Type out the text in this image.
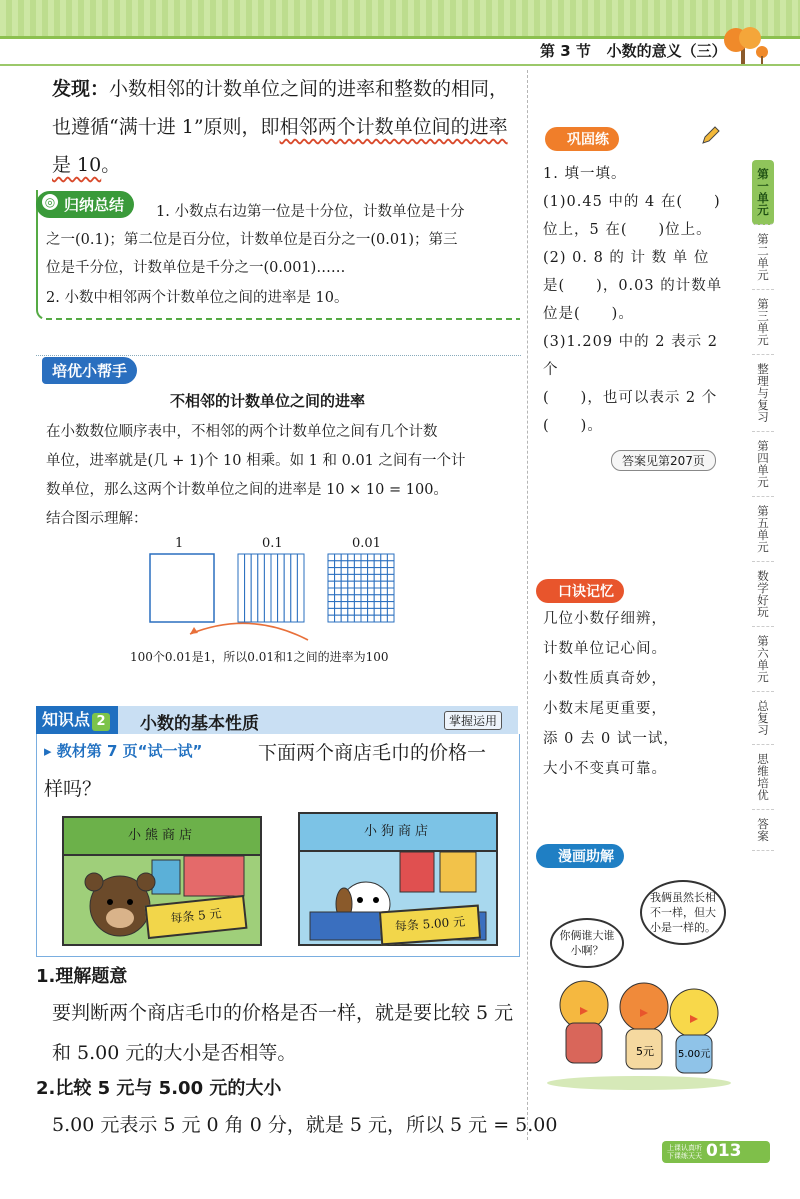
第 3 节 小数的意义（三）
发现：小数相邻的计数单位之间的进率和整数的相同，
也遵循“满十进 1”原则，即相邻两个计数单位间的进率
是 10。
◎ 归纳总结	1. 小数点右边第一位是十分位，计数单位是十分
之一(0.1)；第二位是百分位，计数单位是百分之一(0.01)；第三
位是千分位，计数单位是千分之一(0.001)……
2. 小数中相邻两个计数单位之间的进率是 10。
培优小帮手
不相邻的计数单位之间的进率
在小数数位顺序表中，不相邻的两个计数单位之间有几个计数
单位，进率就是(几 + 1)个 10 相乘。如 1 和 0.01 之间有一个计
数单位，那么这两个计数单位之间的进率是 10 × 10 = 100。
结合图示理解：
1	0.1	0.01
100个0.01是1，所以0.01和1之间的进率为100
知识点 2	小数的基本性质	掌握运用
▸ 教材第 7 页“试一试”	下面两个商店毛巾的价格一
样吗？
小熊商店
每条 5 元
小狗商店
每条 5.00 元
1.理解题意
要判断两个商店毛巾的价格是否一样，就是要比较 5 元
和 5.00 元的大小是否相等。
2.比较 5 元与 5.00 元的大小
5.00 元表示 5 元 0 角 0 分，就是 5 元，所以 5 元 = 5.00
巩固练
1. 填一填。
(1)0.45 中的 4 在(　　)
位上，5 在(　　)位上。
(2) 0. 8 的 计 数 单 位
是(　　)，0.03 的计数单
位是(　　)。
(3)1.209 中的 2 表示 2 个
(　　)，也可以表示 2 个
(　　)。
答案见第207页
口诀记忆
几位小数仔细辨，
计数单位记心间。
小数性质真奇妙，
小数末尾更重要，
添 0 去 0 试一试，
大小不变真可靠。
漫画助解
你俩谁大谁小啊？
我俩虽然长相不一样，但大小是一样的。
5元 5.00元
第一单元
第二单元
第三单元
整理与复习
第四单元
第五单元
数学好玩
第六单元
总复习
思维培优
答　案
上课认真听 下课练天天 013
